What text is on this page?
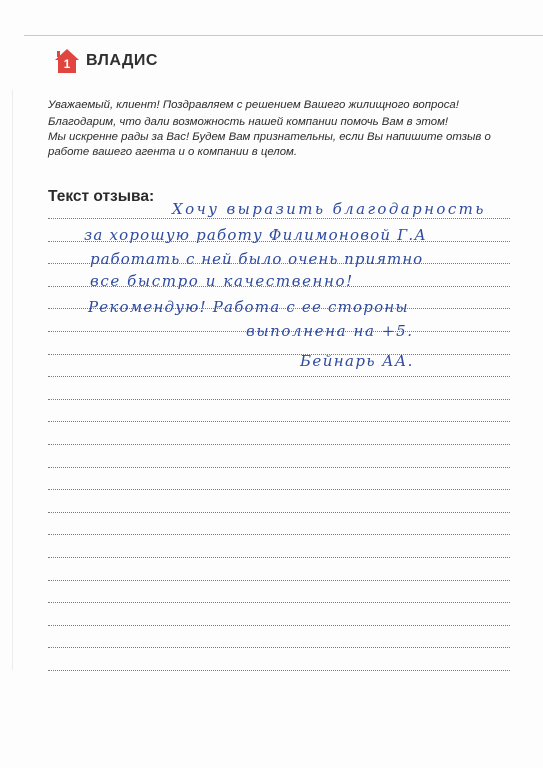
1 ВЛАДИС
Уважаемый, клиент! Поздравляем с решением Вашего жилищного вопроса!
Благодарим, что дали возможность нашей компании помочь Вам в этом!
Мы искренне рады за Вас! Будем Вам признательны, если Вы напишите отзыв о работе вашего агента и о компании в целом.
Текст отзыва:
Хочу выразить благодарность
за хорошую работу Филимоновой Г.А
работать с ней было очень приятно
все быстро и качественно!
Рекомендую! Работа с ее стороны
выполнена на +5.
Бейнарь АА.
